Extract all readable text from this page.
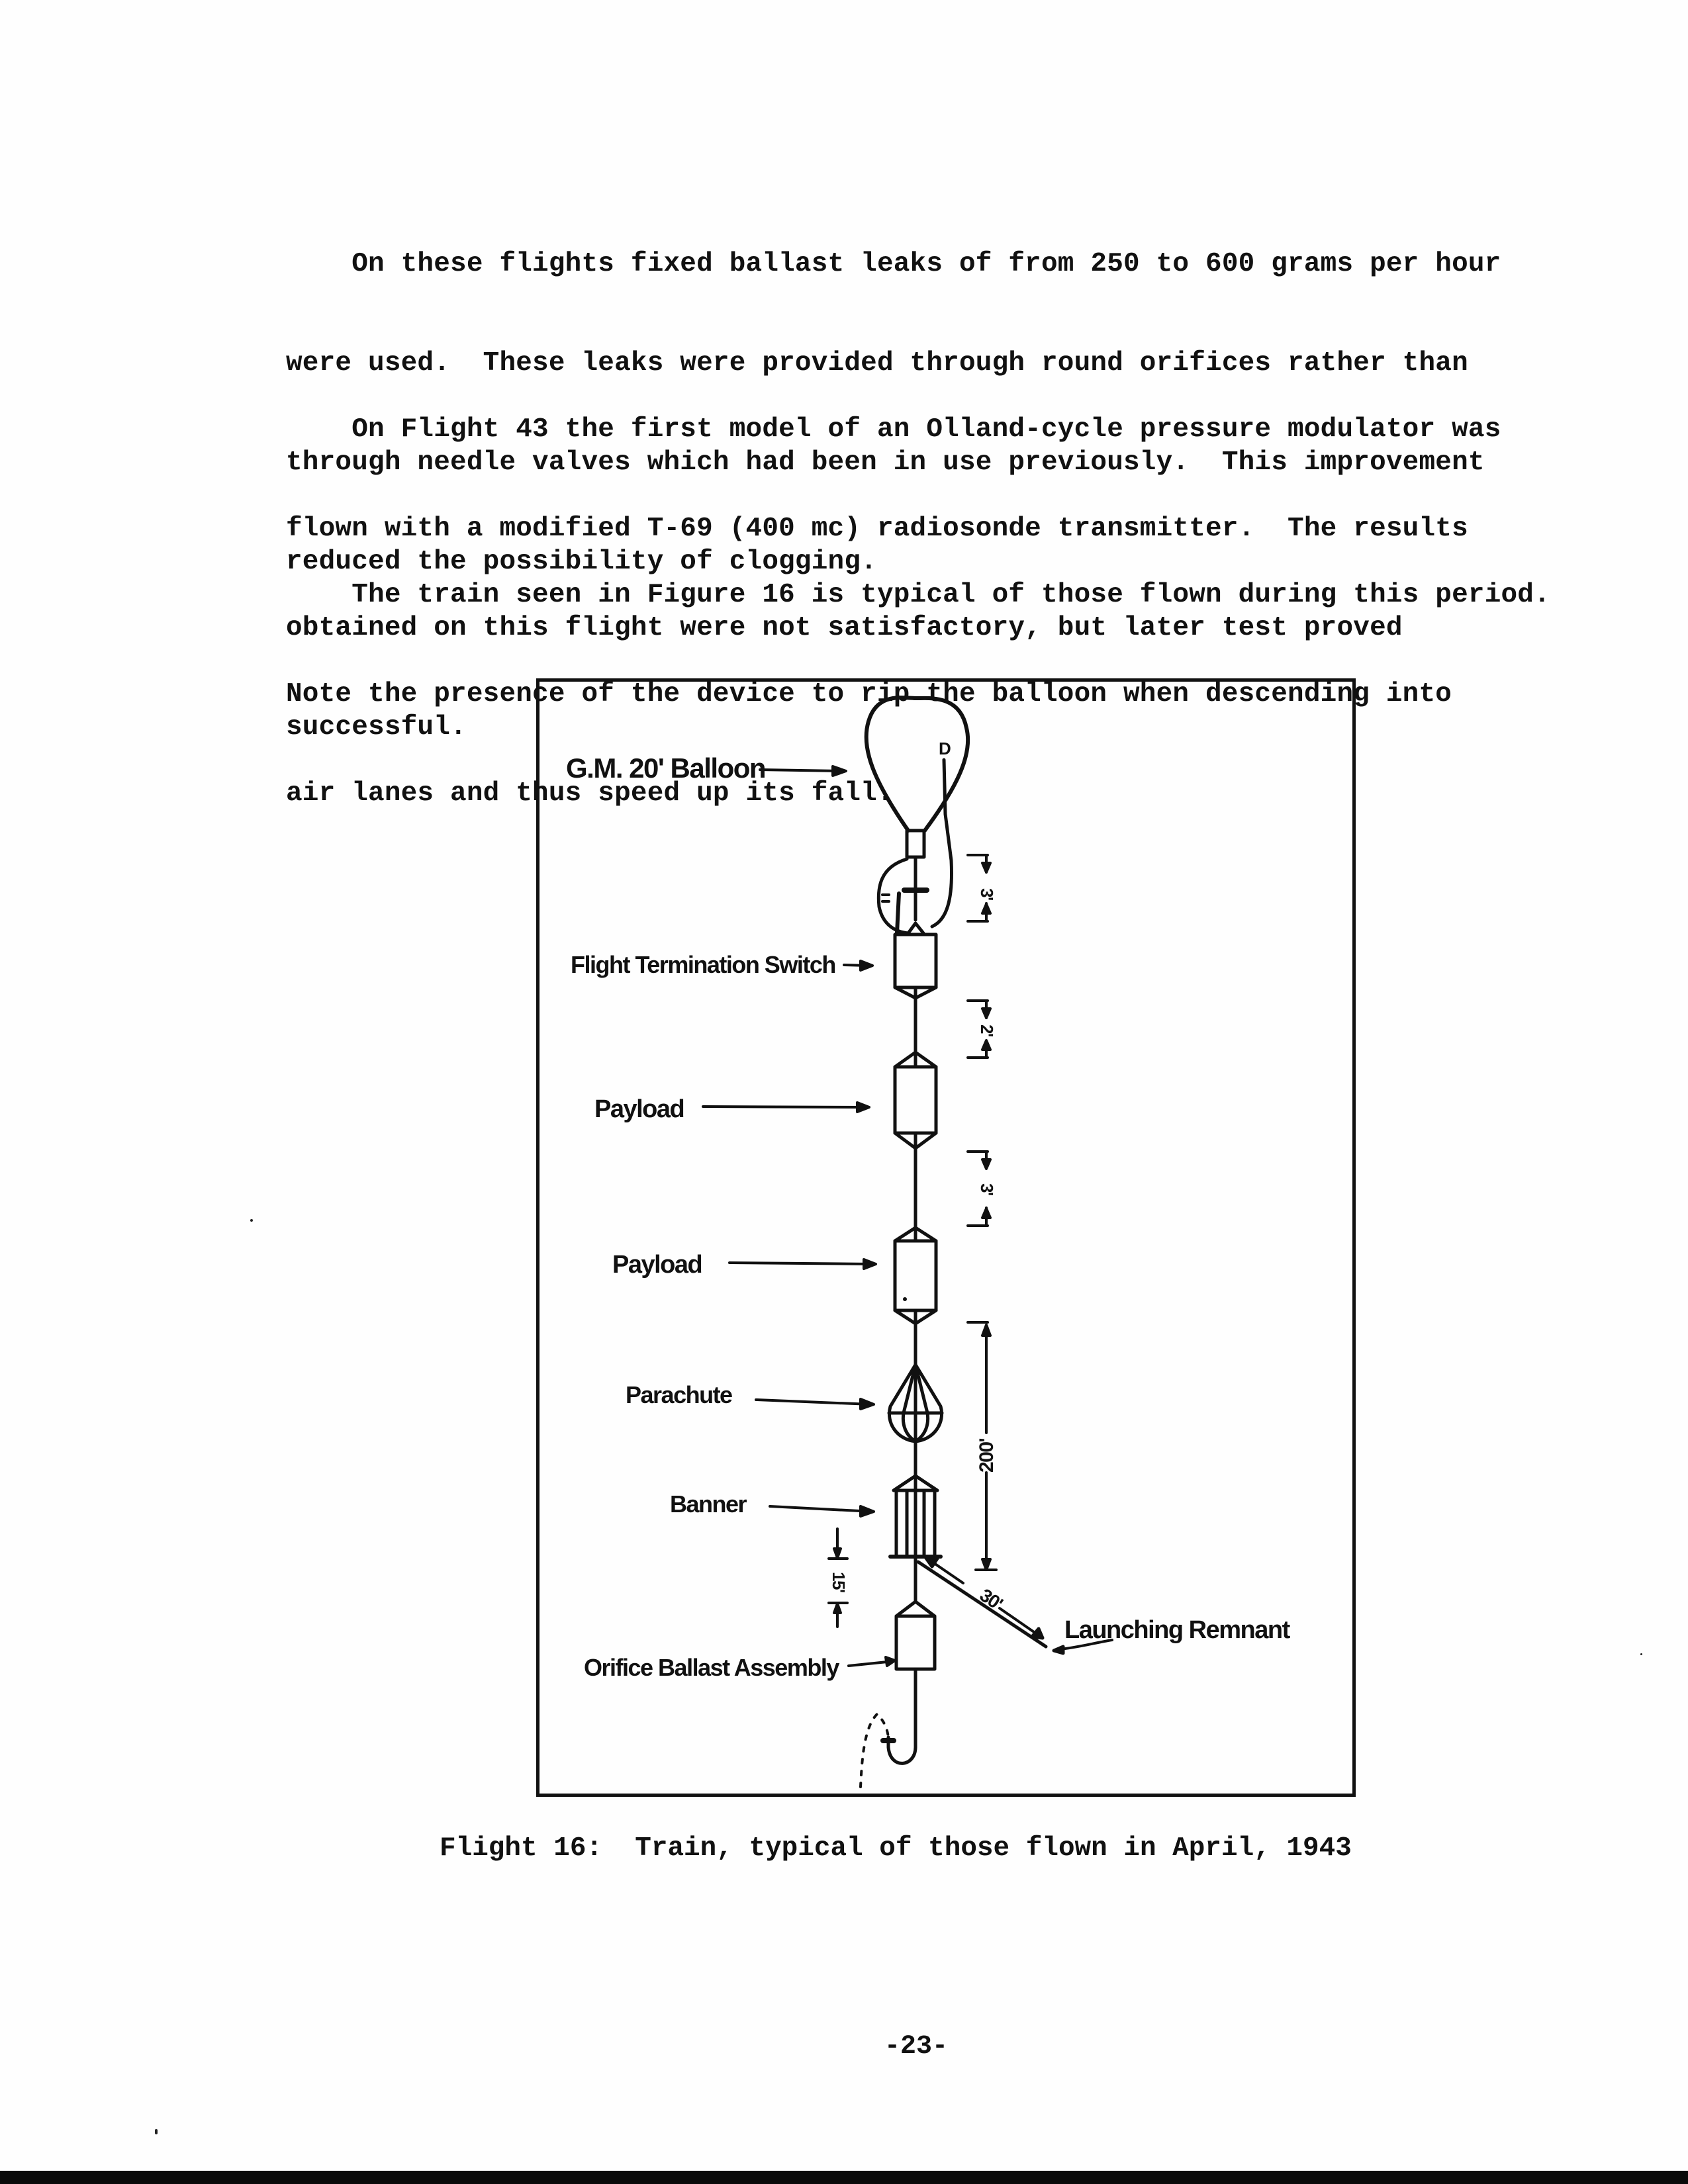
On these flights fixed ballast leaks of from 250 to 600 grams per hour

were used.  These leaks were provided through round orifices rather than

through needle valves which had been in use previously.  This improvement

reduced the possibility of clogging.

On Flight 43 the first model of an Olland-cycle pressure modulator was

flown with a modified T-69 (400 mc) radiosonde transmitter.  The results

obtained on this flight were not satisfactory, but later test proved

successful.

The train seen in Figure 16 is typical of those flown during this period.

Note the presence of the device to rip the balloon when descending into

air lanes and thus speed up its fall.

D
G.M. 20' Balloon
Flight Termination Switch
Payload
Payload
Parachute
Banner
Orifice Ballast Assembly
Launching Remnant
3'
2'
3'
200'
15'
30'
Flight 16:  Train, typical of those flown in April, 1943
-23-
